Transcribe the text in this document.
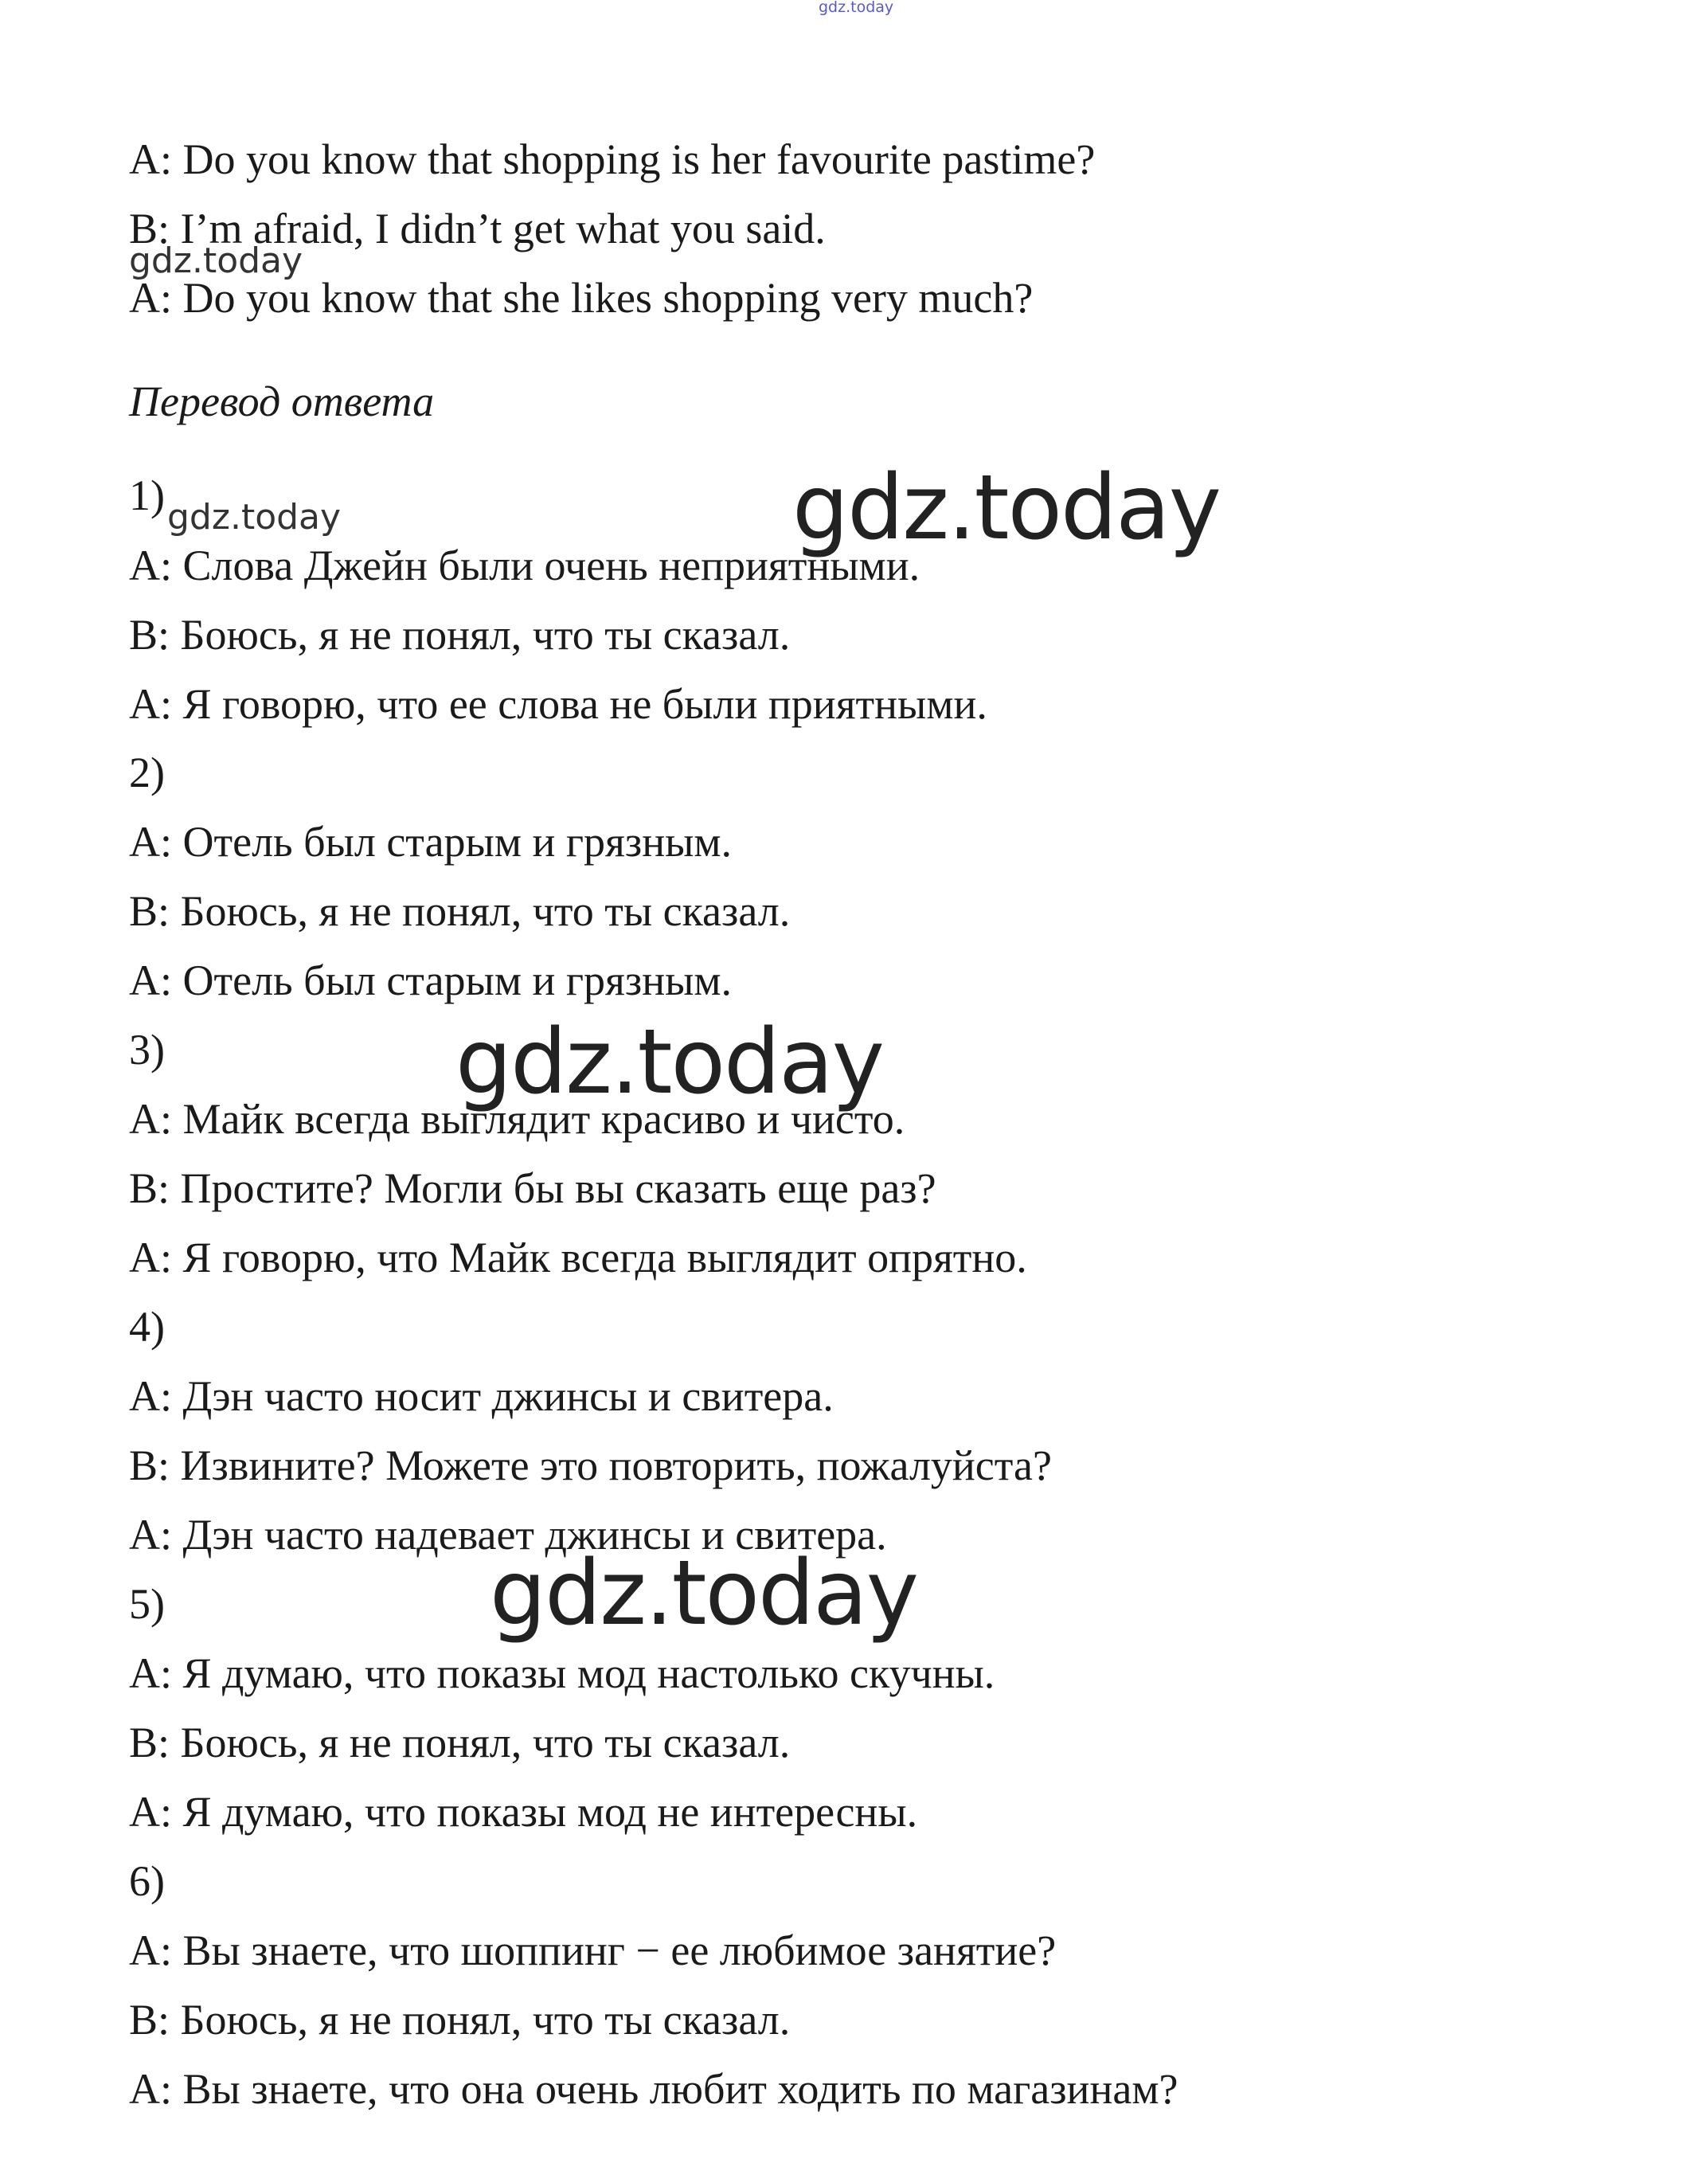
gdz.today

A: Do you know that shopping is her favourite pastime?

B: I’m afraid, I didn’t get what you said.

gdz.today

A: Do you know that she likes shopping very much?

Перевод ответа

1) gdz.today	gdz.today

A: Слова Джейн были очень неприятными.

B: Боюсь, я не понял, что ты сказал.

A: Я говорю, что ее слова не были приятными.

2)

A: Отель был старым и грязным.

B: Боюсь, я не понял, что ты сказал.

A: Отель был старым и грязным.

3)	gdz.today

A: Майк всегда выглядит красиво и чисто.

B: Простите? Могли бы вы сказать еще раз?

A: Я говорю, что Майк всегда выглядит опрятно.

4)

A: Дэн часто носит джинсы и свитера.

B: Извините? Можете это повторить, пожалуйста?

A: Дэн часто надевает джинсы и свитера.

5)	gdz.today

A: Я думаю, что показы мод настолько скучны.

B: Боюсь, я не понял, что ты сказал.

A: Я думаю, что показы мод не интересны.

6)

A: Вы знаете, что шоппинг − ее любимое занятие?

B: Боюсь, я не понял, что ты сказал.

A: Вы знаете, что она очень любит ходить по магазинам?
